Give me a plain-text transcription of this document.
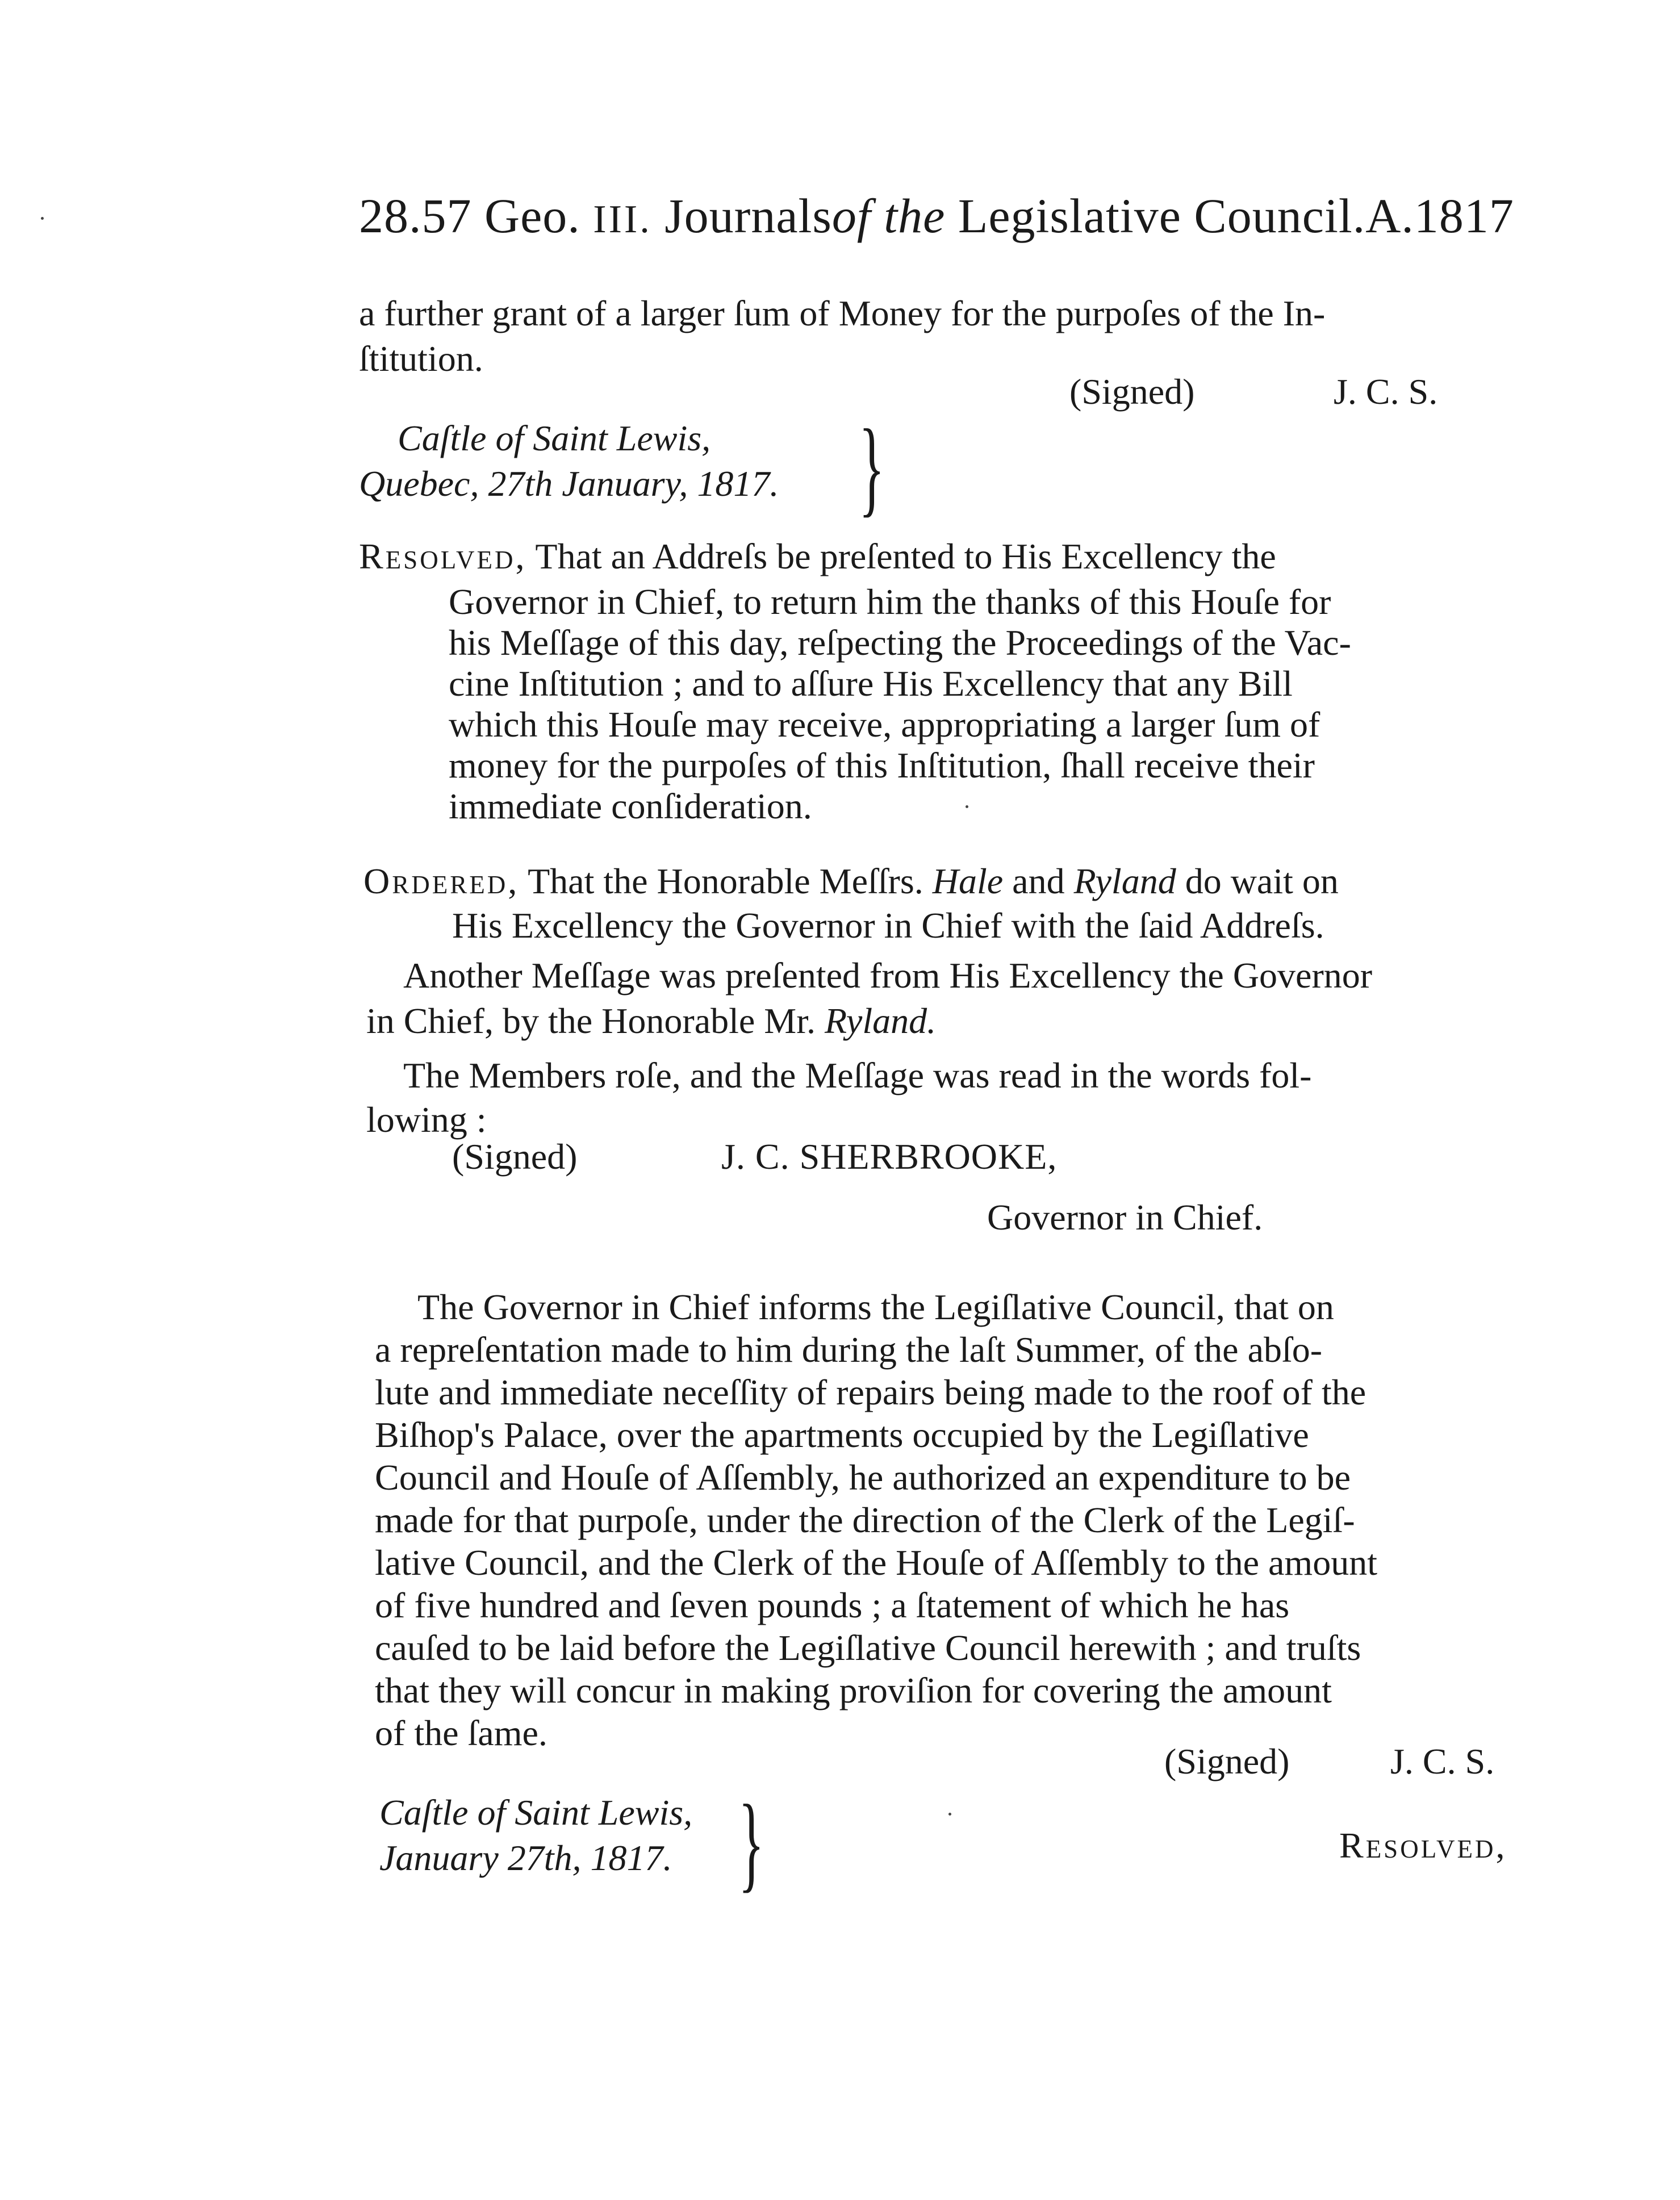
28.57 Geo. III. Journalsof the Legislative Council.A.1817
a further grant of a larger ſum of Money for the purpoſes of the In-
ſtitution.
(Signed)	J. C. S.
Caſtle of Saint Lewis,
Quebec, 27th January, 1817. }
Resolved, That an Addreſs be preſented to His Excellency the
Governor in Chief, to return him the thanks of this Houſe for
his Meſſage of this day, reſpecting the Proceedings of the Vac-
cine Inſtitution ; and to aſſure His Excellency that any Bill
which this Houſe may receive, appropriating a larger ſum of
money for the purpoſes of this Inſtitution, ſhall receive their
immediate conſideration.
Ordered, That the Honorable Meſſrs. Hale and Ryland do wait on
His Excellency the Governor in Chief with the ſaid Addreſs.
Another Meſſage was preſented from His Excellency the Governor
in Chief, by the Honorable Mr. Ryland.
The Members roſe, and the Meſſage was read in the words fol-
lowing :
(Signed)	J. C. SHERBROOKE,
Governor in Chief.
The Governor in Chief informs the Legiſlative Council, that on
a repreſentation made to him during the laſt Summer, of the abſo-
lute and immediate neceſſity of repairs being made to the roof of the
Biſhop's Palace, over the apartments occupied by the Legiſlative
Council and Houſe of Aſſembly, he authorized an expenditure to be
made for that purpoſe, under the direction of the Clerk of the Legiſ-
lative Council, and the Clerk of the Houſe of Aſſembly to the amount
of five hundred and ſeven pounds ; a ſtatement of which he has
cauſed to be laid before the Legiſlative Council herewith ; and truſts
that they will concur in making proviſion for covering the amount
of the ſame.
(Signed)	J. C. S.
Caſtle of Saint Lewis,
January 27th, 1817. }	Resolved,
